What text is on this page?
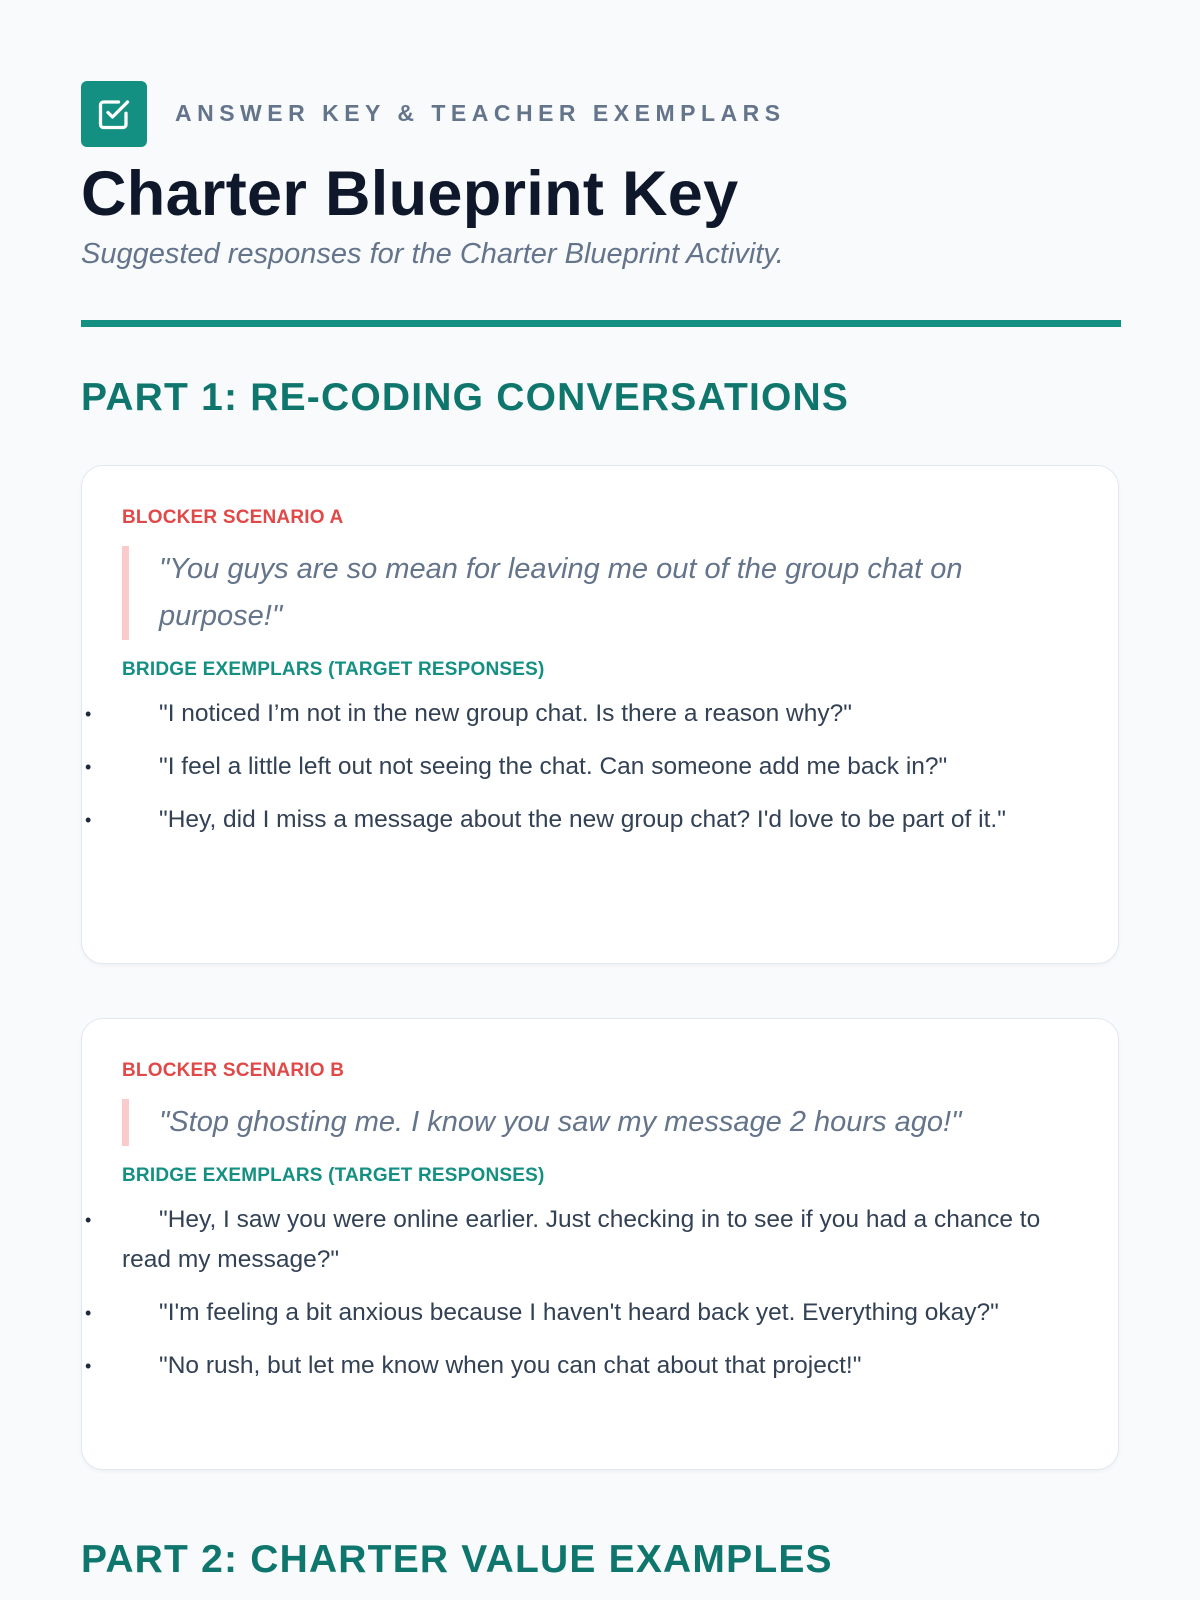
ANSWER KEY & TEACHER EXEMPLARS
Charter Blueprint Key

Suggested responses for the Charter Blueprint Activity.

PART 1: RE-CODING CONVERSATIONS
BLOCKER SCENARIO A
"You guys are so mean for leaving me out of the group chat on purpose!"
BRIDGE EXEMPLARS (TARGET RESPONSES)
•	"I noticed I’m not in the new group chat. Is there a reason why?"
•	"I feel a little left out not seeing the chat. Can someone add me back in?"
•	"Hey, did I miss a message about the new group chat? I'd love to be part of it."
BLOCKER SCENARIO B
"Stop ghosting me. I know you saw my message 2 hours ago!"
BRIDGE EXEMPLARS (TARGET RESPONSES)
•	"Hey, I saw you were online earlier. Just checking in to see if you had a chance to read my message?"
•	"I'm feeling a bit anxious because I haven't heard back yet. Everything okay?"
•	"No rush, but let me know when you can chat about that project!"
PART 2: CHARTER VALUE EXAMPLES
